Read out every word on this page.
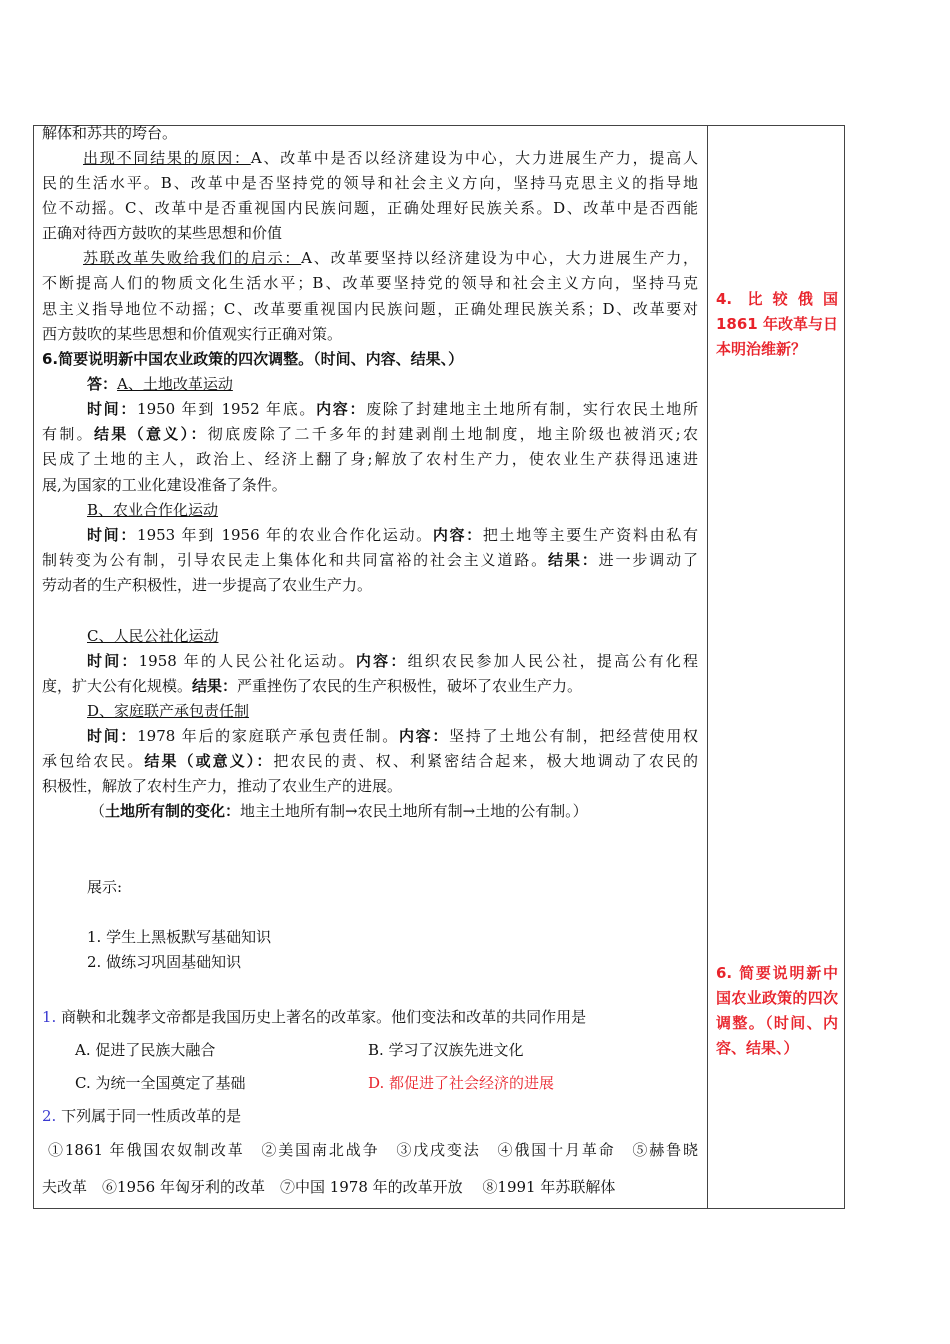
解体和苏共的垮台。
出现不同结果的原因：A、改革中是否以经济建设为中心，大力进展生产力，提高人
民的生活水平。B、改革中是否坚持党的领导和社会主义方向，坚持马克思主义的指导地
位不动摇。C、改革中是否重视国内民族问题，正确处理好民族关系。D、改革中是否西能
正确对待西方鼓吹的某些思想和价值
苏联改革失败给我们的启示：A、改革要坚持以经济建设为中心，大力进展生产力，
不断提高人们的物质文化生活水平；B、改革要坚持党的领导和社会主义方向，坚持马克
思主义指导地位不动摇；C、改革要重视国内民族问题，正确处理民族关系；D、改革要对
西方鼓吹的某些思想和价值观实行正确对策。
6.简要说明新中国农业政策的四次调整。（时间、内容、结果、）
答：A、土地改革运动
时间：1950 年到 1952 年底。内容：废除了封建地主土地所有制，实行农民土地所
有制。结果（意义）：彻底废除了二千多年的封建剥削土地制度，地主阶级也被消灭;农
民成了土地的主人，政治上、经济上翻了身;解放了农村生产力，使农业生产获得迅速进
展,为国家的工业化建设准备了条件。
B、农业合作化运动
时间：1953 年到 1956 年的农业合作化运动。内容：把土地等主要生产资料由私有
制转变为公有制，引导农民走上集体化和共同富裕的社会主义道路。结果：进一步调动了
劳动者的生产积极性，进一步提高了农业生产力。
C、人民公社化运动
时间：1958 年的人民公社化运动。内容：组织农民参加人民公社，提高公有化程
度，扩大公有化规模。结果：严重挫伤了农民的生产积极性，破坏了农业生产力。
D、家庭联产承包责任制
时间：1978 年后的家庭联产承包责任制。内容：坚持了土地公有制，把经营使用权
承包给农民。结果（或意义）：把农民的责、权、利紧密结合起来，极大地调动了农民的
积极性，解放了农村生产力，推动了农业生产的进展。
（土地所有制的变化：地主土地所有制→农民土地所有制→土地的公有制。）
展示:
1. 学生上黑板默写基础知识
2. 做练习巩固基础知识
1. 商鞅和北魏孝文帝都是我国历史上著名的改革家。他们变法和改革的共同作用是
A. 促进了民族大融合	B. 学习了汉族先进文化
C. 为统一全国奠定了基础	D. 都促进了社会经济的进展
2. 下列属于同一性质改革的是
①1861 年俄国农奴制改革　②美国南北战争　③戊戌变法　④俄国十月革命　⑤赫鲁晓
夫改革　⑥1956 年匈牙利的改革　⑦中国 1978 年的改革开放　 ⑧1991 年苏联解体
4. 比较俄国 1861 年改革与日本明治维新？
6. 简要说明新中国农业政策的四次调整。（时间、内容、结果、）
